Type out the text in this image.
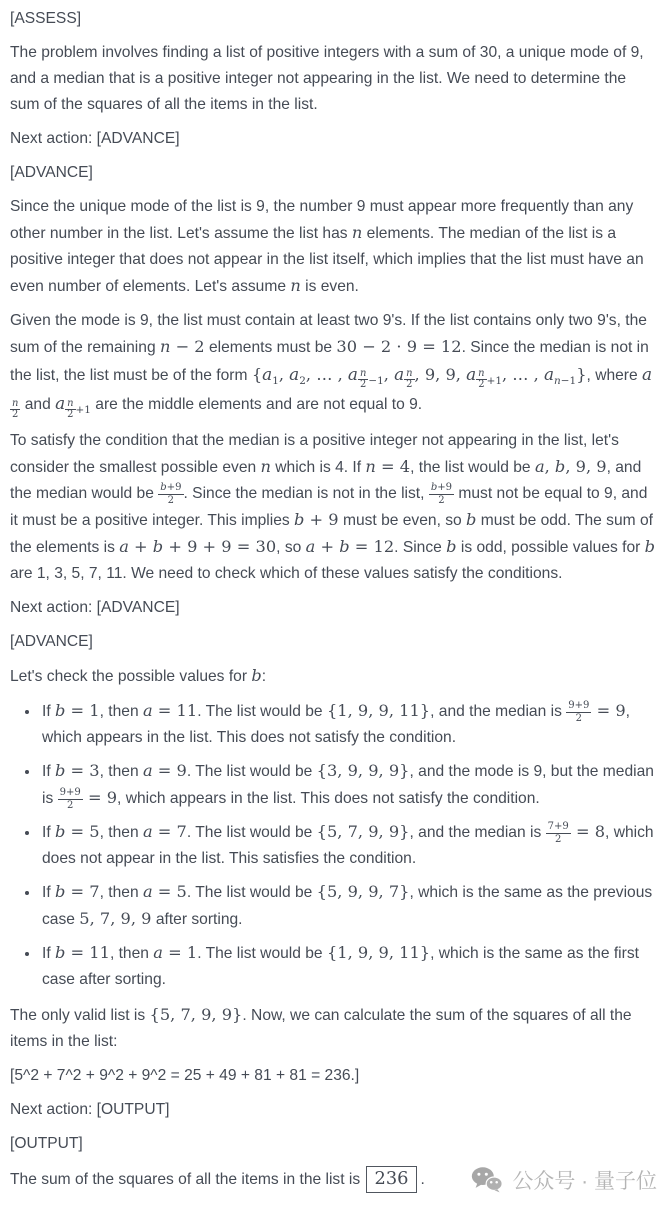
[ASSESS]

The problem involves finding a list of positive integers with a sum of 30, a unique mode of 9, and a median that is a positive integer not appearing in the list. We need to determine the sum of the squares of all the items in the list.

Next action: [ADVANCE]

[ADVANCE]

Since the unique mode of the list is 9, the number 9 must appear more frequently than any other number in the list. Let's assume the list has n elements. The median of the list is a positive integer that does not appear in the list itself, which implies that the list must have an even number of elements. Let's assume n is even.

Given the mode is 9, the list must contain at least two 9's. If the list contains only two 9's, the sum of the remaining n − 2 elements must be 30 − 2 · 9 = 12. Since the median is not in the list, the list must be of the form {$a_1$, $a_2$, … , a $_{\frac{n}{2} -1}$, a $_{\frac{n}{2}}$ , 9, 9, a $_{\frac{n}{2} +1}$, … , $a_{n-1}$}, where a
$_{\frac{n}{2}}$ and a $_{\frac{n}{2} +1}$ are the middle elements and are not equal to 9.

To satisfy the condition that the median is a positive integer not appearing in the list, let's consider the smallest possible even n which is 4. If n = 4, the list would be a, b, 9, 9, and the median would be $\frac{b+9}{2}$ . Since the median is not in the list, $\frac{b+9}{2}$ must not be equal to 9, and it must be a positive integer. This implies b + 9 must be even, so b must be odd. The sum of the elements is a + b + 9 + 9 = 30, so a + b = 12. Since b is odd, possible values for b are 1, 3, 5, 7, 11. We need to check which of these values satisfy the conditions.

Next action: [ADVANCE]

[ADVANCE]

Let's check the possible values for b:

• If b = 1, then a = 11. The list would be {1, 9, 9, 11}, and the median is $\frac{9+9}{2} = 9$, which appears in the list. This does not satisfy the condition.
• If b = 3, then a = 9. The list would be {3, 9, 9, 9}, and the mode is 9, but the median is $\frac{9+9}{2} = 9$, which appears in the list. This does not satisfy the condition.
• If b = 5, then a = 7. The list would be {5, 7, 9, 9}, and the median is $\frac{7+9}{2} = 8$, which does not appear in the list. This satisfies the condition.
• If b = 7, then a = 5. The list would be {5, 9, 9, 7}, which is the same as the previous case 5, 7, 9, 9 after sorting.
• If b = 11, then a = 1. The list would be {1, 9, 9, 11}, which is the same as the first case after sorting.

The only valid list is {5, 7, 9, 9}. Now, we can calculate the sum of the squares of all the items in the list:

[5^2 + 7^2 + 9^2 + 9^2 = 25 + 49 + 81 + 81 = 236.]

Next action: [OUTPUT]

[OUTPUT]

The sum of the squares of all the items in the list is 236 .	公众号 · 量子位
